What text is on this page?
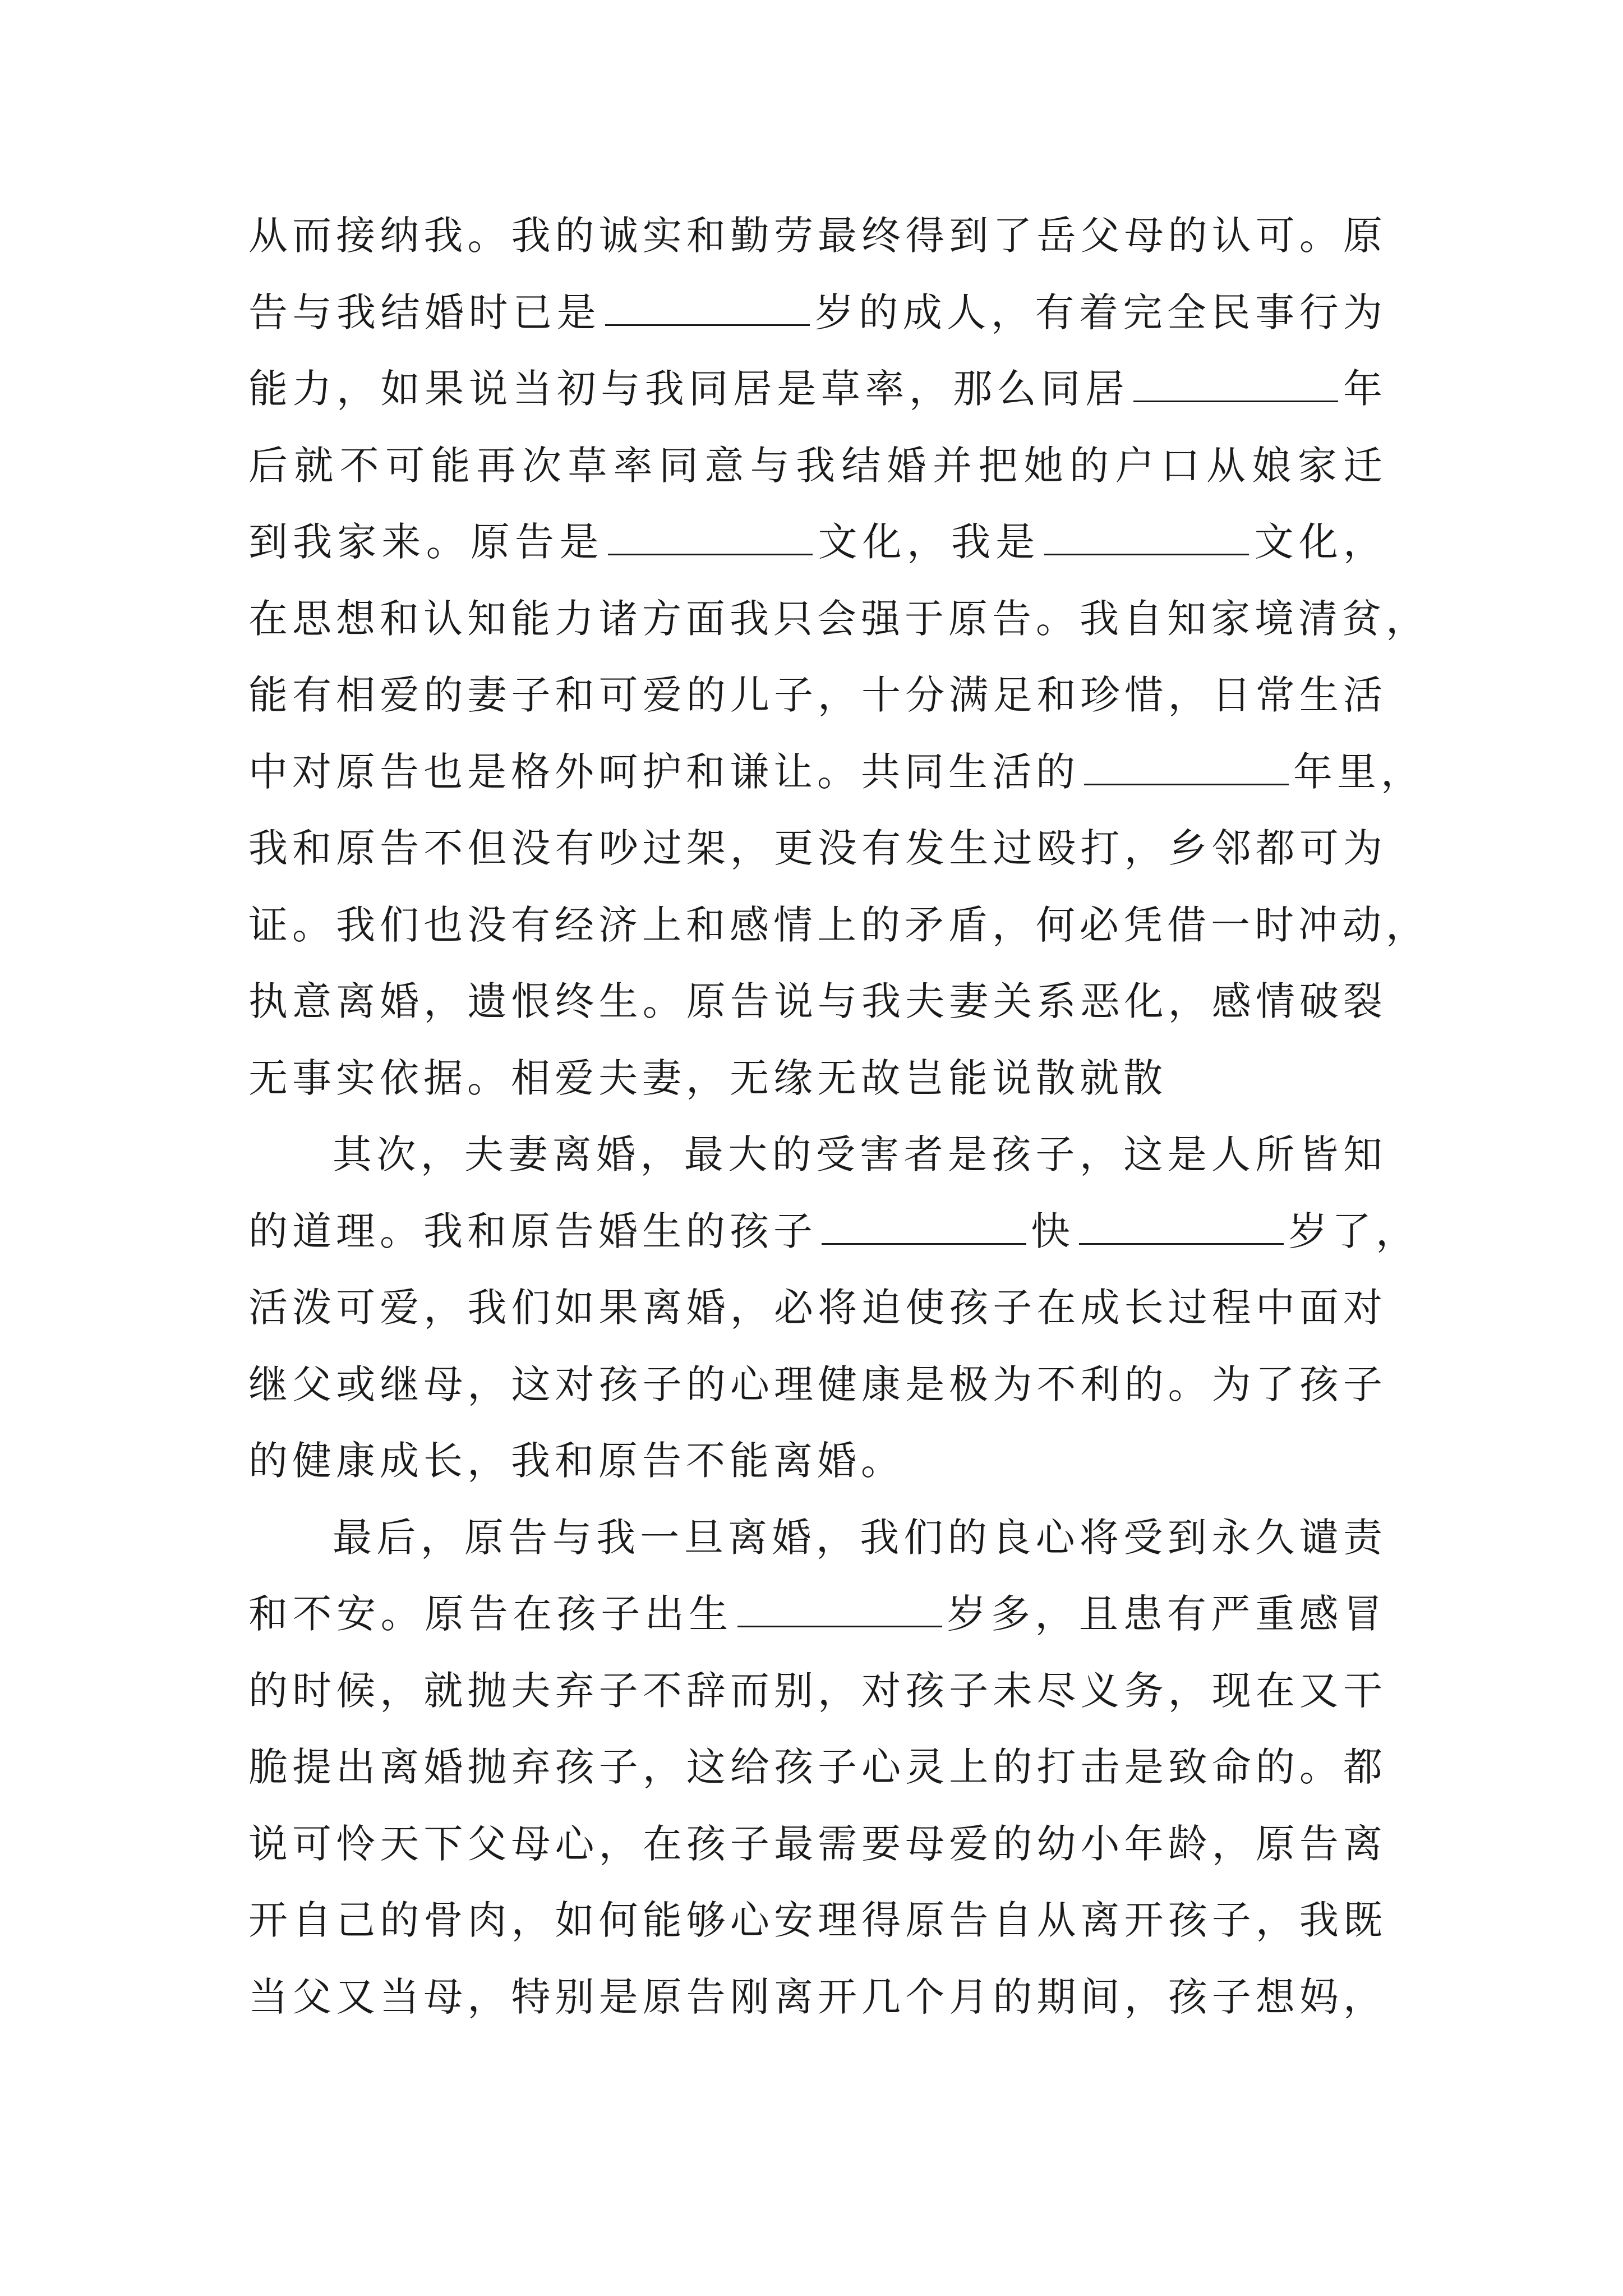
从而接纳我。我的诚实和勤劳最终得到了岳父母的认可。原
告与我结婚时已是	岁的成人，有着完全民事行为
能力，如果说当初与我同居是草率，那么同居	年
后就不可能再次草率同意与我结婚并把她的户口从娘家迁
到我家来。原告是	文化，我是	文化，
在思想和认知能力诸方面我只会强于原告。我自知家境清贫，
能有相爱的妻子和可爱的儿子，十分满足和珍惜，日常生活
中对原告也是格外呵护和谦让。共同生活的	年里，
我和原告不但没有吵过架，更没有发生过殴打，乡邻都可为
证。我们也没有经济上和感情上的矛盾，何必凭借一时冲动，
执意离婚，遗恨终生。原告说与我夫妻关系恶化，感情破裂
无事实依据。相爱夫妻，无缘无故岂能说散就散
其次，夫妻离婚，最大的受害者是孩子，这是人所皆知
的道理。我和原告婚生的孩子	快	岁了，
活泼可爱，我们如果离婚，必将迫使孩子在成长过程中面对
继父或继母，这对孩子的心理健康是极为不利的。为了孩子
的健康成长，我和原告不能离婚。
最后，原告与我一旦离婚，我们的良心将受到永久谴责
和不安。原告在孩子出生	岁多，且患有严重感冒
的时候，就抛夫弃子不辞而别，对孩子未尽义务，现在又干
脆提出离婚抛弃孩子，这给孩子心灵上的打击是致命的。都
说可怜天下父母心，在孩子最需要母爱的幼小年龄，原告离
开自己的骨肉，如何能够心安理得原告自从离开孩子，我既
当父又当母，特别是原告刚离开几个月的期间，孩子想妈，
